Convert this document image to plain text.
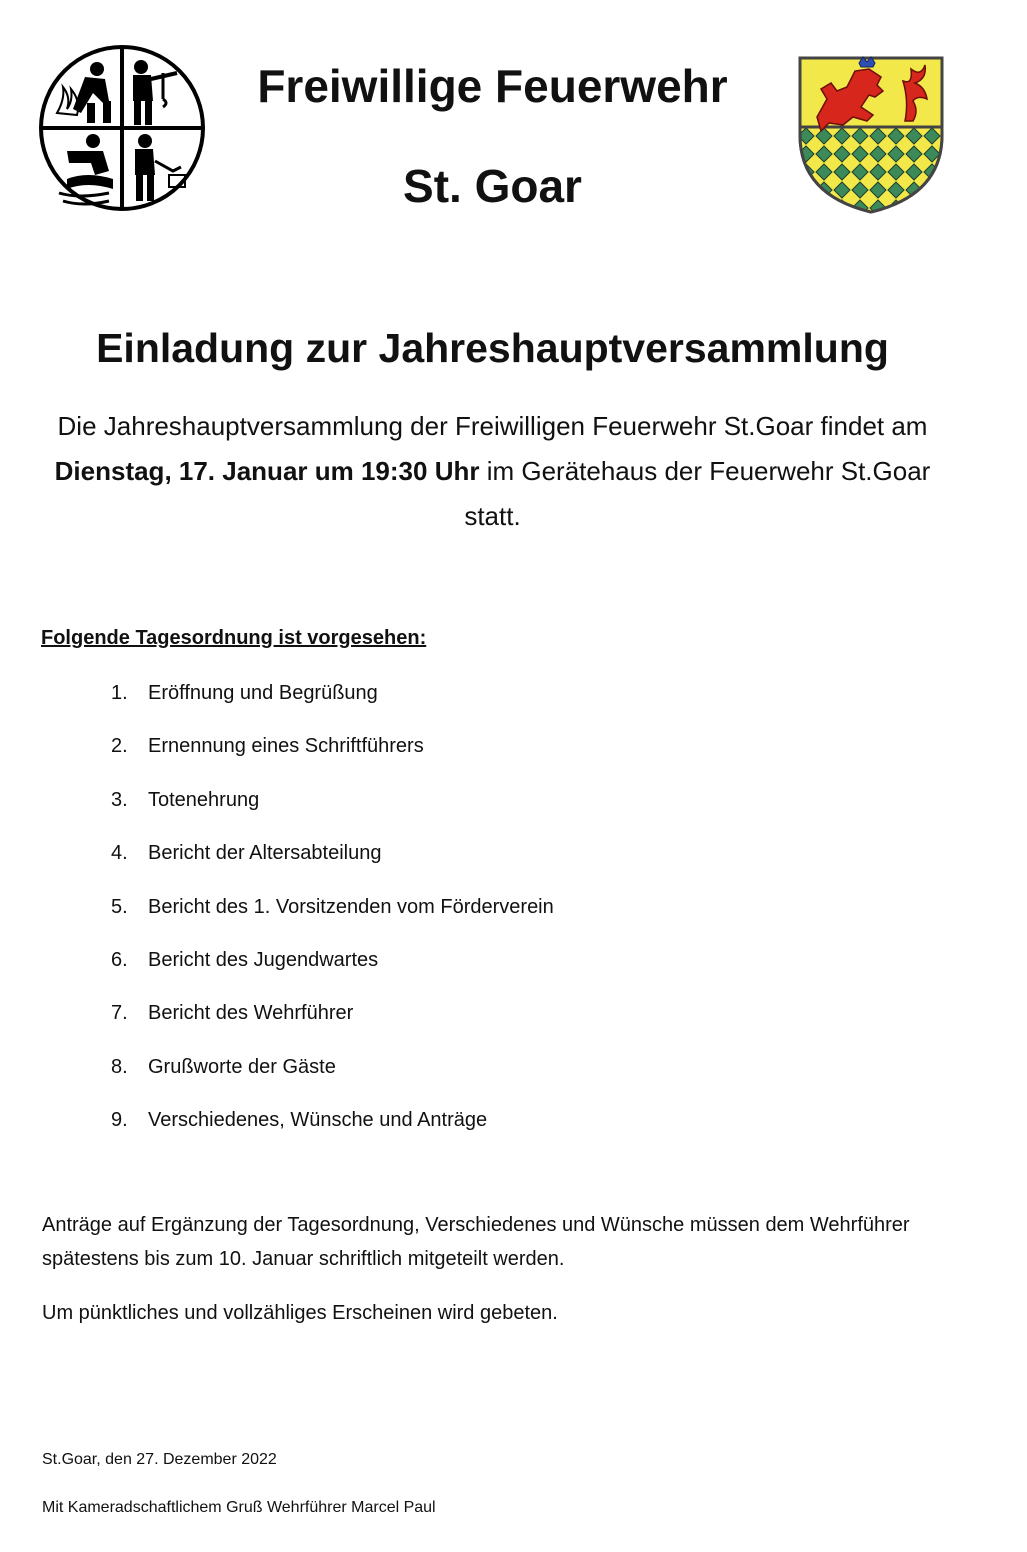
Freiwillige Feuerwehr
St. Goar
Einladung zur Jahreshauptversammlung
Die Jahreshauptversammlung der Freiwilligen Feuerwehr St.Goar findet am Dienstag, 17. Januar um 19:30 Uhr im Gerätehaus der Feuerwehr St.Goar statt.
Folgende Tagesordnung ist vorgesehen:
1.	Eröffnung und Begrüßung
2.	Ernennung eines Schriftführers
3.	Totenehrung
4.	Bericht der Altersabteilung
5.	Bericht des 1. Vorsitzenden vom Förderverein
6.	Bericht des Jugendwartes
7.	Bericht des Wehrführer
8.	Grußworte der Gäste
9.	Verschiedenes, Wünsche und Anträge
Anträge auf Ergänzung der Tagesordnung, Verschiedenes und Wünsche müssen dem Wehrführer spätestens bis zum 10. Januar schriftlich mitgeteilt werden.
Um pünktliches und vollzähliges Erscheinen wird gebeten.
St.Goar, den 27. Dezember 2022
Mit Kameradschaftlichem Gruß Wehrführer Marcel Paul
